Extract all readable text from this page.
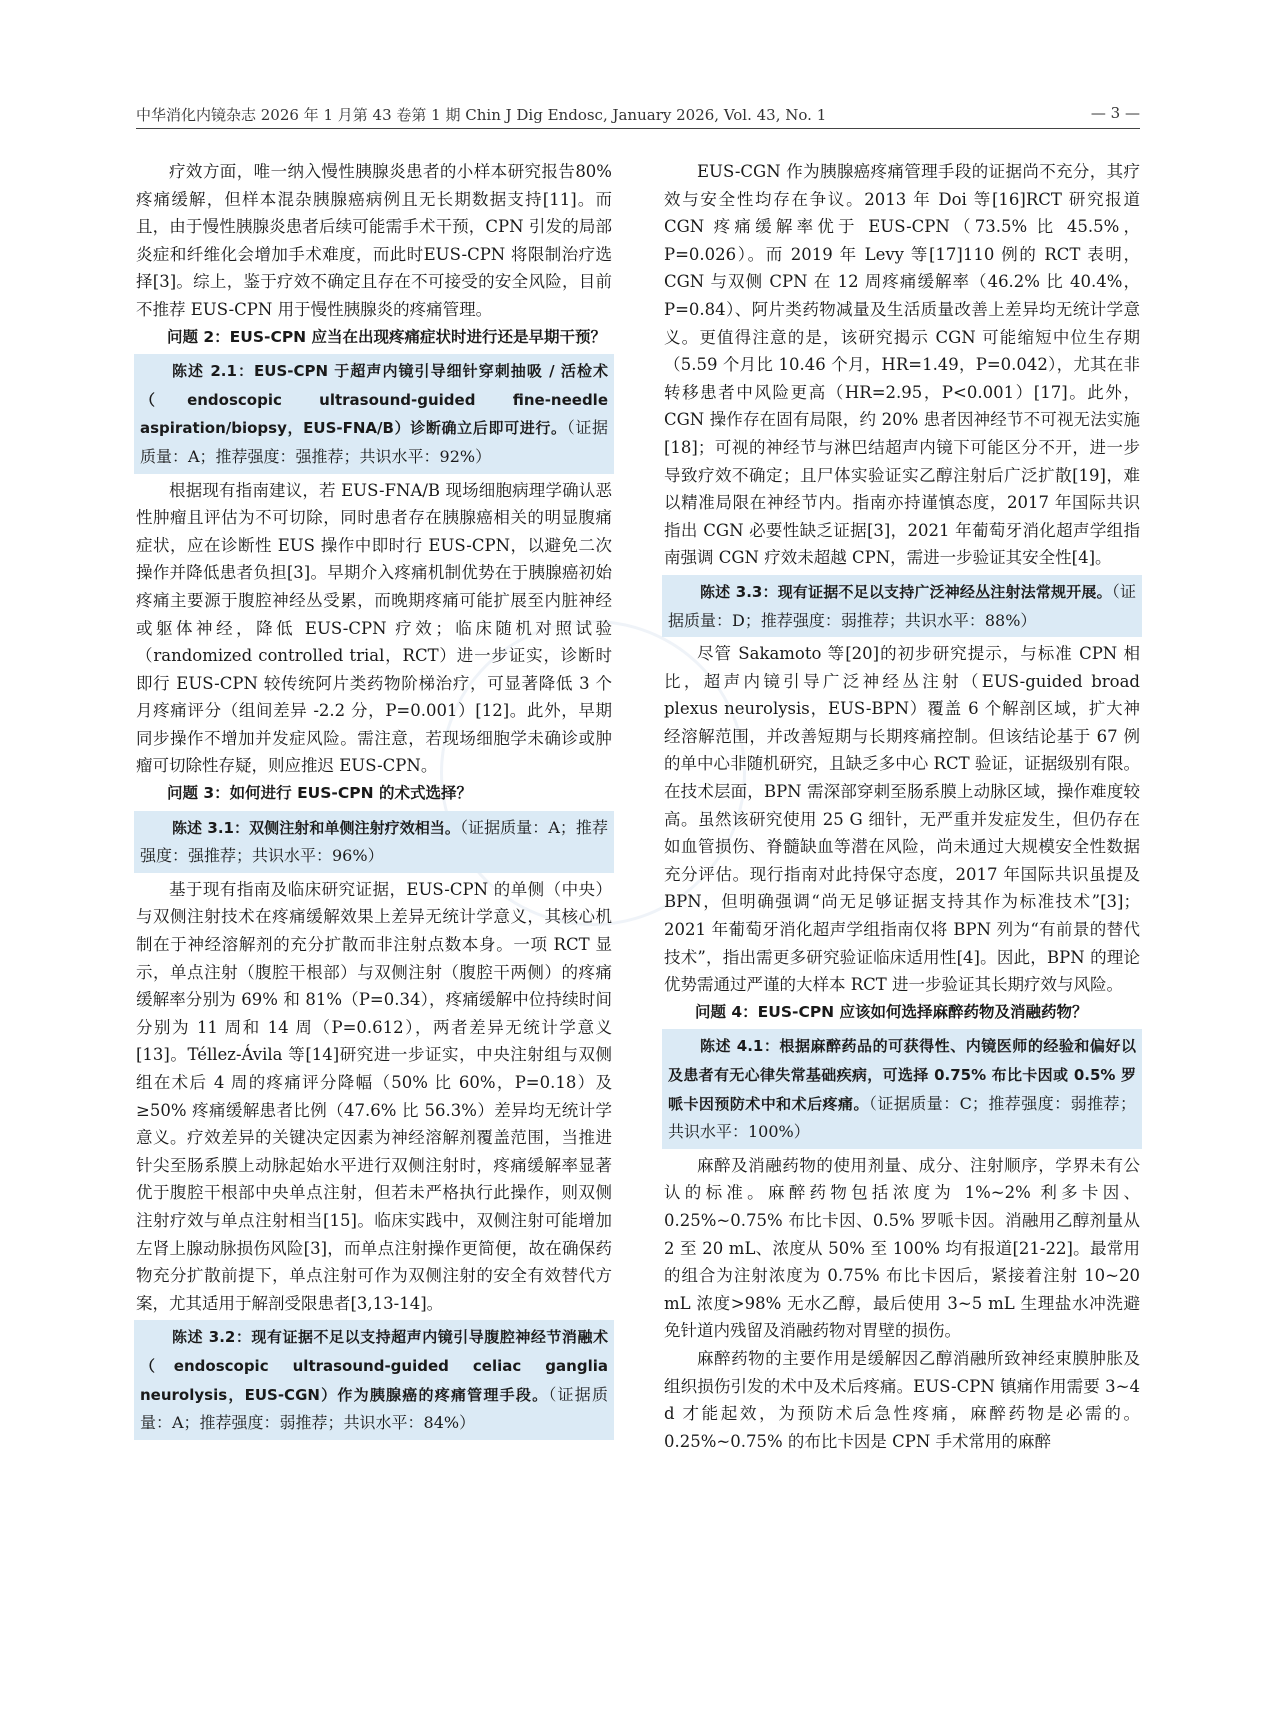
中华消化内镜杂志 2026 年 1 月第 43 卷第 1 期 Chin J Dig Endosc, January 2026, Vol. 43, No. 1	— 3 —

疗效方面，唯一纳入慢性胰腺炎患者的小样本研究报告80% 疼痛缓解，但样本混杂胰腺癌病例且无长期数据支持[11]。而且，由于慢性胰腺炎患者后续可能需手术干预，CPN 引发的局部炎症和纤维化会增加手术难度，而此时EUS-CPN 将限制治疗选择[3]。综上，鉴于疗效不确定且存在不可接受的安全风险，目前不推荐 EUS-CPN 用于慢性胰腺炎的疼痛管理。

问题 2：EUS-CPN 应当在出现疼痛症状时进行还是早期干预？

陈述 2.1：EUS-CPN 于超声内镜引导细针穿刺抽吸 / 活检术（endoscopic ultrasound-guided fine-needle aspiration/biopsy，EUS-FNA/B）诊断确立后即可进行。（证据质量：A；推荐强度：强推荐；共识水平：92%）

根据现有指南建议，若 EUS-FNA/B 现场细胞病理学确认恶性肿瘤且评估为不可切除，同时患者存在胰腺癌相关的明显腹痛症状，应在诊断性 EUS 操作中即时行 EUS-CPN，以避免二次操作并降低患者负担[3]。早期介入疼痛机制优势在于胰腺癌初始疼痛主要源于腹腔神经丛受累，而晚期疼痛可能扩展至内脏神经或躯体神经，降低 EUS-CPN 疗效；临床随机对照试验（randomized controlled trial，RCT）进一步证实，诊断时即行 EUS-CPN 较传统阿片类药物阶梯治疗，可显著降低 3 个月疼痛评分（组间差异 -2.2 分，P=0.001）[12]。此外，早期同步操作不增加并发症风险。需注意，若现场细胞学未确诊或肿瘤可切除性存疑，则应推迟 EUS-CPN。

问题 3：如何进行 EUS-CPN 的术式选择？

陈述 3.1：双侧注射和单侧注射疗效相当。（证据质量：A；推荐强度：强推荐；共识水平：96%）

基于现有指南及临床研究证据，EUS-CPN 的单侧（中央）与双侧注射技术在疼痛缓解效果上差异无统计学意义，其核心机制在于神经溶解剂的充分扩散而非注射点数本身。一项 RCT 显示，单点注射（腹腔干根部）与双侧注射（腹腔干两侧）的疼痛缓解率分别为 69% 和 81%（P=0.34），疼痛缓解中位持续时间分别为 11 周和 14 周（P=0.612），两者差异无统计学意义[13]。Téllez-Ávila 等[14]研究进一步证实，中央注射组与双侧组在术后 4 周的疼痛评分降幅（50% 比 60%，P=0.18）及≥50% 疼痛缓解患者比例（47.6% 比 56.3%）差异均无统计学意义。疗效差异的关键决定因素为神经溶解剂覆盖范围，当推进针尖至肠系膜上动脉起始水平进行双侧注射时，疼痛缓解率显著优于腹腔干根部中央单点注射，但若未严格执行此操作，则双侧注射疗效与单点注射相当[15]。临床实践中，双侧注射可能增加左肾上腺动脉损伤风险[3]，而单点注射操作更简便，故在确保药物充分扩散前提下，单点注射可作为双侧注射的安全有效替代方案，尤其适用于解剖受限患者[3,13-14]。

陈述 3.2：现有证据不足以支持超声内镜引导腹腔神经节消融术（endoscopic ultrasound-guided celiac ganglia neurolysis，EUS-CGN）作为胰腺癌的疼痛管理手段。（证据质量：A；推荐强度：弱推荐；共识水平：84%）

EUS-CGN 作为胰腺癌疼痛管理手段的证据尚不充分，其疗效与安全性均存在争议。2013 年 Doi 等[16]RCT 研究报道 CGN 疼痛缓解率优于 EUS-CPN（73.5% 比 45.5%，P=0.026）。而 2019 年 Levy 等[17]110 例的 RCT 表明，CGN 与双侧 CPN 在 12 周疼痛缓解率（46.2% 比 40.4%，P=0.84）、阿片类药物减量及生活质量改善上差异均无统计学意义。更值得注意的是，该研究揭示 CGN 可能缩短中位生存期（5.59 个月比 10.46 个月，HR=1.49，P=0.042），尤其在非转移患者中风险更高（HR=2.95，P<0.001）[17]。此外，CGN 操作存在固有局限，约 20% 患者因神经节不可视无法实施[18]；可视的神经节与淋巴结超声内镜下可能区分不开，进一步导致疗效不确定；且尸体实验证实乙醇注射后广泛扩散[19]，难以精准局限在神经节内。指南亦持谨慎态度，2017 年国际共识指出 CGN 必要性缺乏证据[3]，2021 年葡萄牙消化超声学组指南强调 CGN 疗效未超越 CPN，需进一步验证其安全性[4]。

陈述 3.3：现有证据不足以支持广泛神经丛注射法常规开展。（证据质量：D；推荐强度：弱推荐；共识水平：88%）

尽管 Sakamoto 等[20]的初步研究提示，与标准 CPN 相比，超声内镜引导广泛神经丛注射（EUS-guided broad plexus neurolysis，EUS-BPN）覆盖 6 个解剖区域，扩大神经溶解范围，并改善短期与长期疼痛控制。但该结论基于 67 例的单中心非随机研究，且缺乏多中心 RCT 验证，证据级别有限。在技术层面，BPN 需深部穿刺至肠系膜上动脉区域，操作难度较高。虽然该研究使用 25 G 细针，无严重并发症发生，但仍存在如血管损伤、脊髓缺血等潜在风险，尚未通过大规模安全性数据充分评估。现行指南对此持保守态度，2017 年国际共识虽提及 BPN，但明确强调“尚无足够证据支持其作为标准技术”[3]；2021 年葡萄牙消化超声学组指南仅将 BPN 列为“有前景的替代技术”，指出需更多研究验证临床适用性[4]。因此，BPN 的理论优势需通过严谨的大样本 RCT 进一步验证其长期疗效与风险。

问题 4：EUS-CPN 应该如何选择麻醉药物及消融药物？

陈述 4.1：根据麻醉药品的可获得性、内镜医师的经验和偏好以及患者有无心律失常基础疾病，可选择 0.75% 布比卡因或 0.5% 罗哌卡因预防术中和术后疼痛。（证据质量：C；推荐强度：弱推荐；共识水平：100%）

麻醉及消融药物的使用剂量、成分、注射顺序，学界未有公认的标准。麻醉药物包括浓度为 1%~2% 利多卡因、0.25%~0.75% 布比卡因、0.5% 罗哌卡因。消融用乙醇剂量从 2 至 20 mL、浓度从 50% 至 100% 均有报道[21-22]。最常用的组合为注射浓度为 0.75% 布比卡因后，紧接着注射 10~20 mL 浓度>98% 无水乙醇，最后使用 3~5 mL 生理盐水冲洗避免针道内残留及消融药物对胃壁的损伤。

麻醉药物的主要作用是缓解因乙醇消融所致神经束膜肿胀及组织损伤引发的术中及术后疼痛。EUS-CPN 镇痛作用需要 3~4 d 才能起效，为预防术后急性疼痛，麻醉药物是必需的。0.25%~0.75% 的布比卡因是 CPN 手术常用的麻醉
